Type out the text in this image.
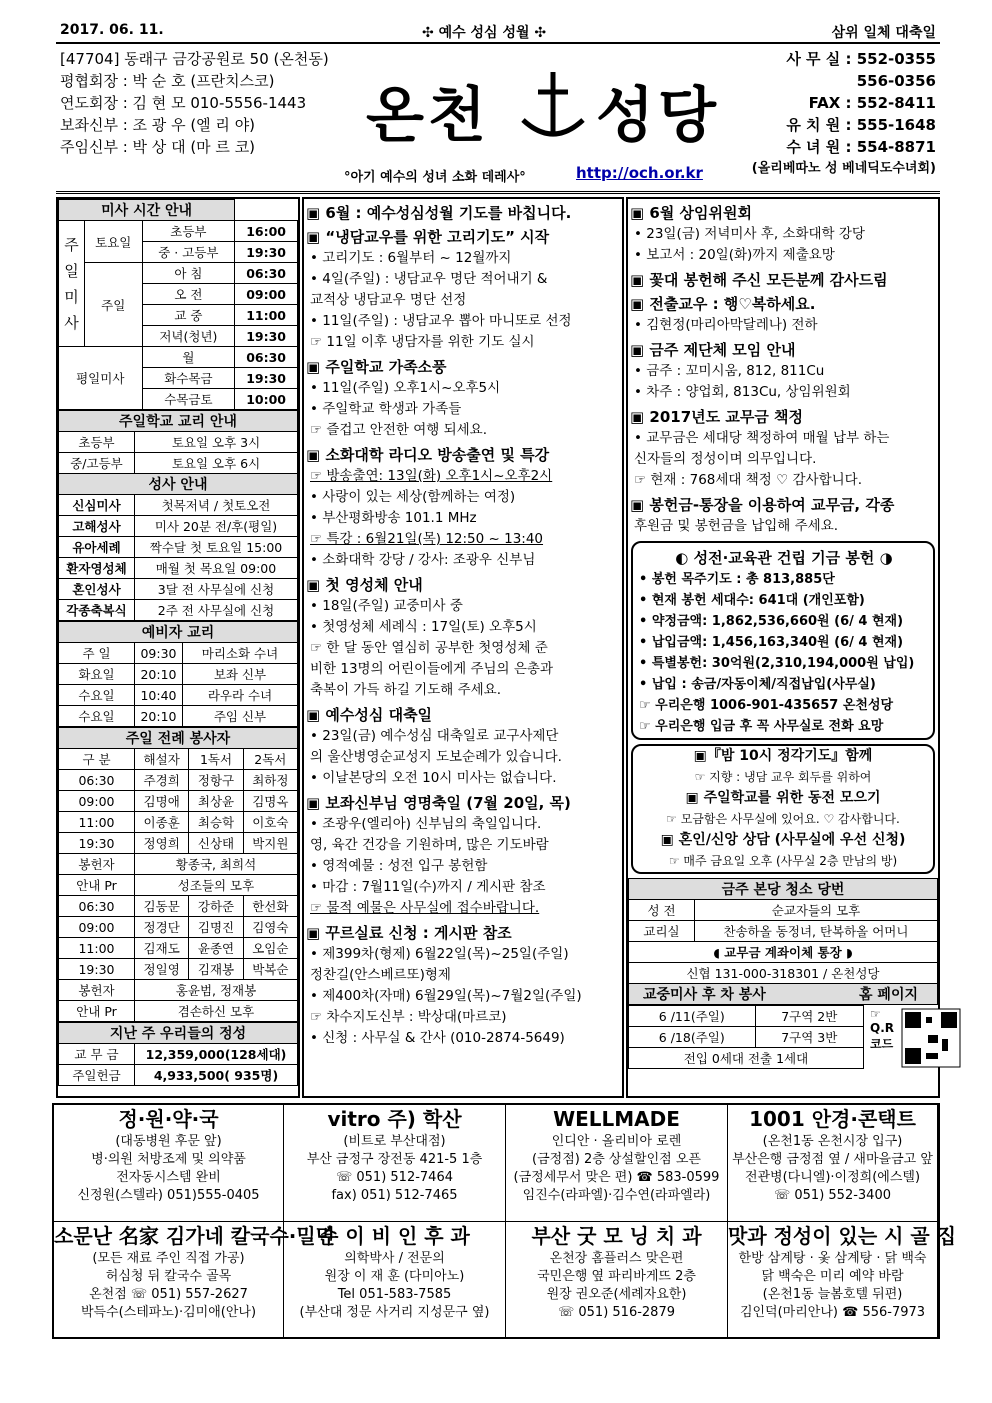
2017. 06. 11.	✣ 예수 성심 성월 ✣	삼위 일체 대축일
[47704] 동래구 금강공원로 50 (온천동)
평협회장 : 박 순 호 (프란치스코)
연도회장 : 김 현 모 010-5556-1443
보좌신부 : 조 광 우 (엘 리 야)
주임신부 : 박 상 대 (마 르 코)	온천 성당
°아기 예수의 성녀 소화 데레사°	http://och.or.kr
사 무 실 : 552-0355
556-0356
FAX : 552-8411
유 치 원 : 555-1648
수 녀 원 : 554-8871
(올리베따노 성 베네딕도수녀회)
미사 시간 안내			
주일미사	토요일	초등부	16:00
		중 · 고등부	19:30
	주일	아 침	06:30
		오 전	09:00
		교 중	11:00
		저녁(청년)	19:30
평일미사		월	06:30
		화수목금	19:30
		수목금토	10:00
주일학교 교리 안내	
초등부	토요일 오후 3시
중/고등부	토요일 오후 6시
성사 안내	
신심미사	첫목저녁 / 첫토오전
고해성사	미사 20분 전/후(평일)
유아세례	짝수달 첫 토요일 15:00
환자영성체	매월 첫 목요일 09:00
혼인성사	3달 전 사무실에 신청
각종축복식	2주 전 사무실에 신청
예비자 교리		
주 일	09:30	마리소화 수녀
화요일	20:10	보좌 신부
수요일	10:40	라우라 수녀
수요일	20:10	주임 신부
주일 전례 봉사자			
구 분	해설자	1독서	2독서
06:30	주경희	정항구	최하정
09:00	김명애	최상윤	김명옥
11:00	이종훈	최승학	이호숙
19:30	정영희	신상태	박지원
봉헌자	황종국, 최희석		
안내 Pr	성조들의 모후		
06:30	김동문	강하준	한선화
09:00	정경단	김명진	김영숙
11:00	김재도	윤종연	오임순
19:30	정일영	김재봉	박복순
봉헌자	홍윤범, 정재봉		
안내 Pr	겸손하신 모후		
지난 주 우리들의 정성	
교 무 금	12,359,000(128세대)
주일헌금	4,933,500( 935명)
▣ 6월 : 예수성심성월 기도를 바칩니다.
▣ “냉담교우를 위한 고리기도” 시작

• 고리기도 : 6월부터 ~ 12월까지

• 4일(주일) : 냉담교우 명단 적어내기 &

교적상 냉담교우 명단 선정

• 11일(주일) : 냉담교우 뽑아 마니또로 선정

☞ 11일 이후 냉담자를 위한 기도 실시

▣ 주일학교 가족소풍

• 11일(주일) 오후1시~오후5시

• 주일학교 학생과 가족들

☞ 즐겁고 안전한 여행 되세요.

▣ 소화대학 라디오 방송출연 및 특강

☞ 방송출연: 13일(화) 오후1시~오후2시

• 사랑이 있는 세상(함께하는 여정)

• 부산평화방송 101.1 MHz

☞ 특강 : 6월21일(목) 12:50 ~ 13:40

• 소화대학 강당 / 강사: 조광우 신부님

▣ 첫 영성체 안내

• 18일(주일) 교중미사 중

• 첫영성체 세례식 : 17일(토) 오후5시

☞ 한 달 동안 열심히 공부한 첫영성체 준

비한 13명의 어린이들에게 주님의 은총과

축복이 가득 하길 기도해 주세요.

▣ 예수성심 대축일

• 23일(금) 예수성심 대축일로 교구사제단

의 울산병영순교성지 도보순례가 있습니다.

• 이날본당의 오전 10시 미사는 없습니다.

▣ 보좌신부님 영명축일 (7월 20일, 목)

• 조광우(엘리아) 신부님의 축일입니다.

영, 육간 건강을 기원하며, 많은 기도바람

• 영적예물 : 성전 입구 봉헌함

• 마감 : 7월11일(수)까지 / 게시판 참조

☞ 물적 예물은 사무실에 접수바랍니다.

▣ 꾸르실료 신청 : 게시판 참조

• 제399차(형제) 6월22일(목)~25일(주일)

정찬길(안스베르또)형제

• 제400차(자매) 6월29일(목)~7월2일(주일)

☞ 차수지도신부 : 박상대(마르코)

• 신청 : 사무실 & 간사 (010-2874-5649)

▣ 6월 상임위원회

• 23일(금) 저녁미사 후, 소화대학 강당

• 보고서 : 20일(화)까지 제출요망

▣ 꽃대 봉헌해 주신 모든분께 감사드림
▣ 전출교우 : 행♡복하세요.

• 김현정(마리아막달레나) 전하

▣ 금주 제단체 모임 안내

• 금주 : 꼬미시움, 812, 811Cu

• 차주 : 양업회, 813Cu, 상임위원회

▣ 2017년도 교무금 책정

• 교무금은 세대당 책정하여 매월 납부 하는

신자들의 정성이며 의무입니다.

☞ 현재 : 768세대 책정 ♡ 감사합니다.

▣ 봉헌금-통장을 이용하여 교무금, 각종

후원금 및 봉헌금을 납입해 주세요.

◐ 성전·교육관 건립 기금 봉헌 ◑

• 봉헌 목주기도 : 총 813,885단

• 현재 봉헌 세대수: 641대 (개인포함)

• 약정금액: 1,862,536,660원 (6/ 4 현재)

• 납입금액: 1,456,163,340원 (6/ 4 현재)

• 특별봉헌: 30억원(2,310,194,000원 납입)

• 납입 : 송금/자동이체/직접납입(사무실)

☞ 우리은행 1006-901-435657 온천성당

☞ 우리은행 입금 후 꼭 사무실로 전화 요망

▣『밤 10시 정각기도』함께

☞ 지향 : 냉담 교우 회두를 위하여

▣ 주일학교를 위한 동전 모으기

☞ 모금함은 사무실에 있어요. ♡ 감사합니다.

▣ 혼인/신앙 상담 (사무실에 우선 신청)

☞ 매주 금요일 오후 (사무실 2층 만남의 방)

금주 본당 청소 당번	
성 전	순교자들의 모후
교리실	찬송하올 동정녀, 탄복하올 어머니
◖ 교무금 계좌이체 통장 ◗	
신협 131-000-318301 / 온천성당	
교중미사 후 차 봉사 홈 페이지	
6 /11(주일)	7구역 2반
6 /18(주일)	7구역 3반
전입 0세대 전출 1세대	
☞ Q.R 코드
정·원·약·국
(대동병원 후문 앞)
병·의원 처방조제 및 의약품
전자동시스템 완비
신정원(스텔라) 051)555-0405
vitro 주) 학산
(비트로 부산대점)
부산 금정구 장전동 421-5 1층
☏ 051) 512-7464
fax) 051) 512-7465
WELLMADE
인디안 · 올리비아 로렌
(금정점) 2층 상설할인점 오픈
(금정세무서 맞은 편) ☎ 583-0599
임진수(라파엘)·김수연(라파엘라)
1001 안경·콘택트
(온천1동 온천시장 입구)
부산은행 금정점 옆 / 새마을금고 앞
전관병(다니엘)·이정희(에스텔)
☏ 051) 552-3400
소문난 名家 김가네 칼국수·밀면
(모든 재료 주인 직접 가공)
허심청 뒤 칼국수 골목
온천점 ☏ 051) 557-2627
박득수(스테파노)·김미애(안나)
수 이 비 인 후 과
의학박사 / 전문의
원장 이 재 훈 (다미아노)
Tel 051-583-7585
(부산대 정문 사거리 지성문구 옆)
부산 굿 모 닝 치 과
온천장 홈플러스 맞은편
국민은행 옆 파리바게뜨 2층
원장 권오준(세례자요한)
☏ 051) 516-2879
맛과 정성이 있는 시 골 집
한방 삼계탕 · 옻 삼계탕 · 닭 백숙
닭 백숙은 미리 예약 바람
(온천1동 늘봄호텔 뒤편)
김인덕(마리안나) ☎ 556-7973
